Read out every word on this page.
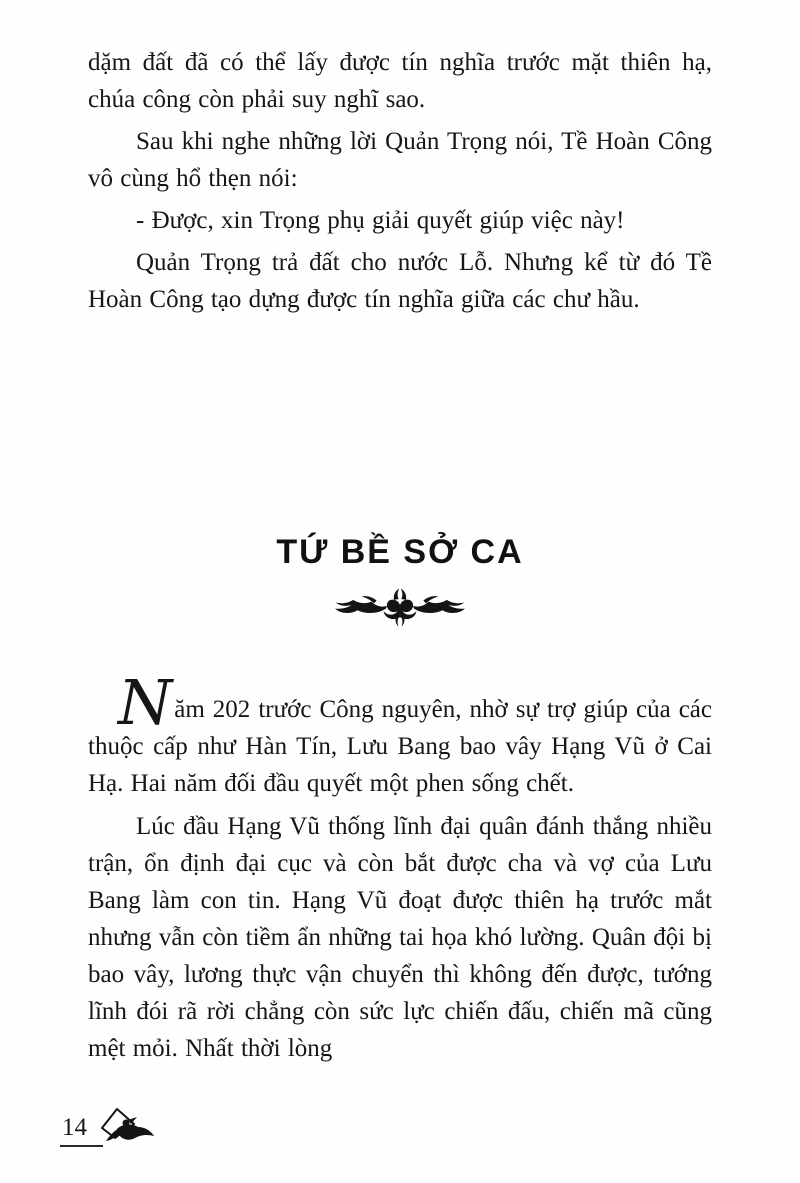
dặm đất đã có thể lấy được tín nghĩa trước mặt thiên hạ, chúa công còn phải suy nghĩ sao.

Sau khi nghe những lời Quản Trọng nói, Tề Hoàn Công vô cùng hổ thẹn nói:

- Được, xin Trọng phụ giải quyết giúp việc này!

Quản Trọng trả đất cho nước Lỗ. Nhưng kể từ đó Tề Hoàn Công tạo dựng được tín nghĩa giữa các chư hầu.

TỨ BỀ SỞ CA

Năm 202 trước Công nguyên, nhờ sự trợ giúp của các thuộc cấp như Hàn Tín, Lưu Bang bao vây Hạng Vũ ở Cai Hạ. Hai năm đối đầu quyết một phen sống chết.

Lúc đầu Hạng Vũ thống lĩnh đại quân đánh thắng nhiều trận, ổn định đại cục và còn bắt được cha và vợ của Lưu Bang làm con tin. Hạng Vũ đoạt được thiên hạ trước mắt nhưng vẫn còn tiềm ẩn những tai họa khó lường. Quân đội bị bao vây, lương thực vận chuyển thì không đến được, tướng lĩnh đói rã rời chẳng còn sức lực chiến đấu, chiến mã cũng mệt mỏi. Nhất thời lòng

14
